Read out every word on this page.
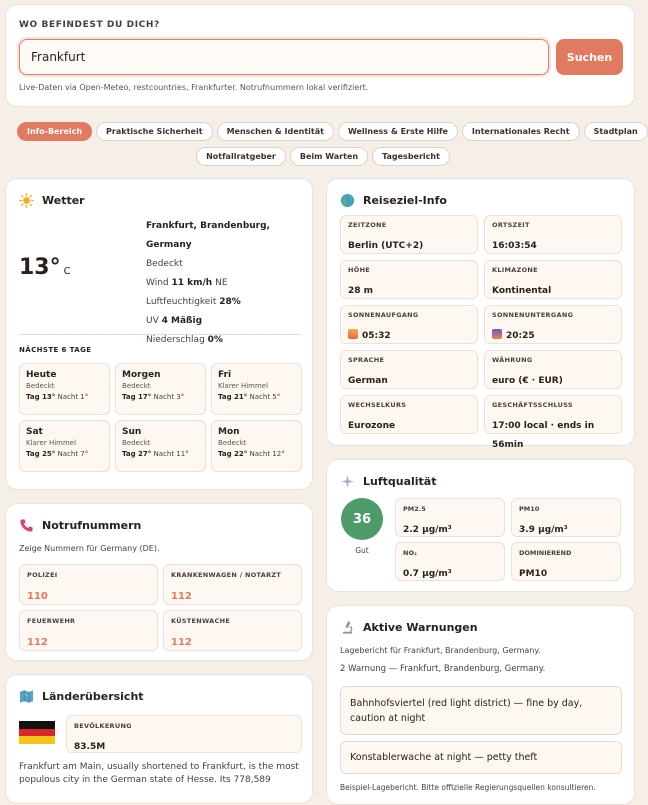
WO BEFINDEST DU DICH?
Frankfurt
Suchen
Live-Daten via Open-Meteo, restcountries, Frankfurter. Notrufnummern lokal verifiziert.
Info-Bereich	Praktische Sicherheit	Menschen & Identität	Wellness & Erste Hilfe	Internationales Recht	Stadtplan
Notfallratgeber	Beim Warten	Tagesbericht
Wetter
13° C
Frankfurt, Brandenburg, Germany
Bedeckt
Wind 11 km/h NE
Luftfeuchtigkeit 28%
UV 4 Mäßig
Niederschlag 0%
NÄCHSTE 6 TAGE
Heute
Bedeckt
Tag 13° Nacht 1°
Morgen
Bedeckt
Tag 17° Nacht 3°
Fri
Klarer Himmel
Tag 21° Nacht 5°
Sat
Klarer Himmel
Tag 25° Nacht 7°
Sun
Bedeckt
Tag 27° Nacht 11°
Mon
Bedeckt
Tag 22° Nacht 12°
Reiseziel-Info
ZEITZONE
Berlin (UTC+2)
ORTSZEIT
16:03:54
HÖHE
28 m
KLIMAZONE
Kontinental
SONNENAUFGANG
05:32
SONNENUNTERGANG
20:25
SPRACHE
German
WÄHRUNG
euro (€ · EUR)
WECHSELKURS
Eurozone
GESCHÄFTSSCHLUSS
17:00 local · ends in 56min
Luftqualität
36
Gut
PM2.5
2.2 µg/m³
PM10
3.9 µg/m³
NO₂
0.7 µg/m³
DOMINIEREND
PM10
Notrufnummern
Zeige Nummern für Germany (DE).
POLIZEI
110
KRANKENWAGEN / NOTARZT
112
FEUERWEHR
112
KÜSTENWACHE
112
Aktive Warnungen
Lagebericht für Frankfurt, Brandenburg, Germany.
2 Warnung — Frankfurt, Brandenburg, Germany.
Bahnhofsviertel (red light district) — fine by day, caution at night
Konstablerwache at night — petty theft
Beispiel-Lagebericht. Bitte offizielle Regierungsquellen konsultieren.
Länderübersicht
BEVÖLKERUNG
83.5M
Frankfurt am Main, usually shortened to Frankfurt, is the most populous city in the German state of Hesse. Its 778,589
